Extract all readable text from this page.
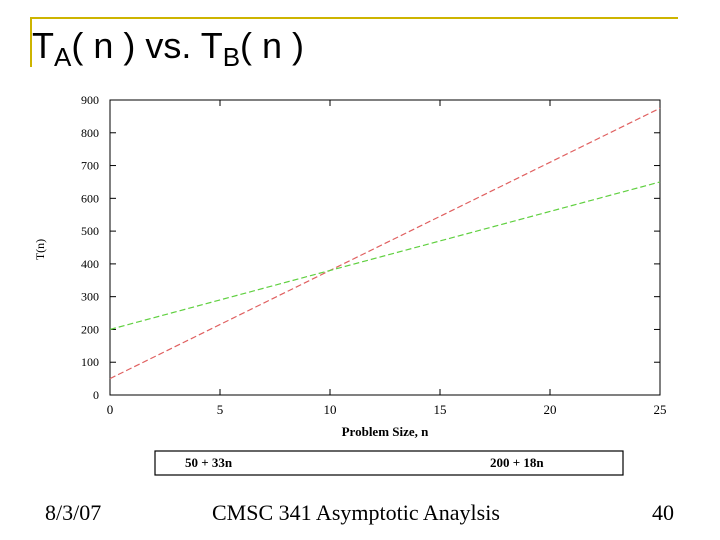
$T_A$( n ) vs. $T_B$( n )
0
100
200
300
400
500
600
700
800
900
0	5	10	15	20	25
Problem Size, n
T(n)
50 + 33n	200 + 18n
8/3/07	CMSC 341 Asymptotic Anaylsis	40
